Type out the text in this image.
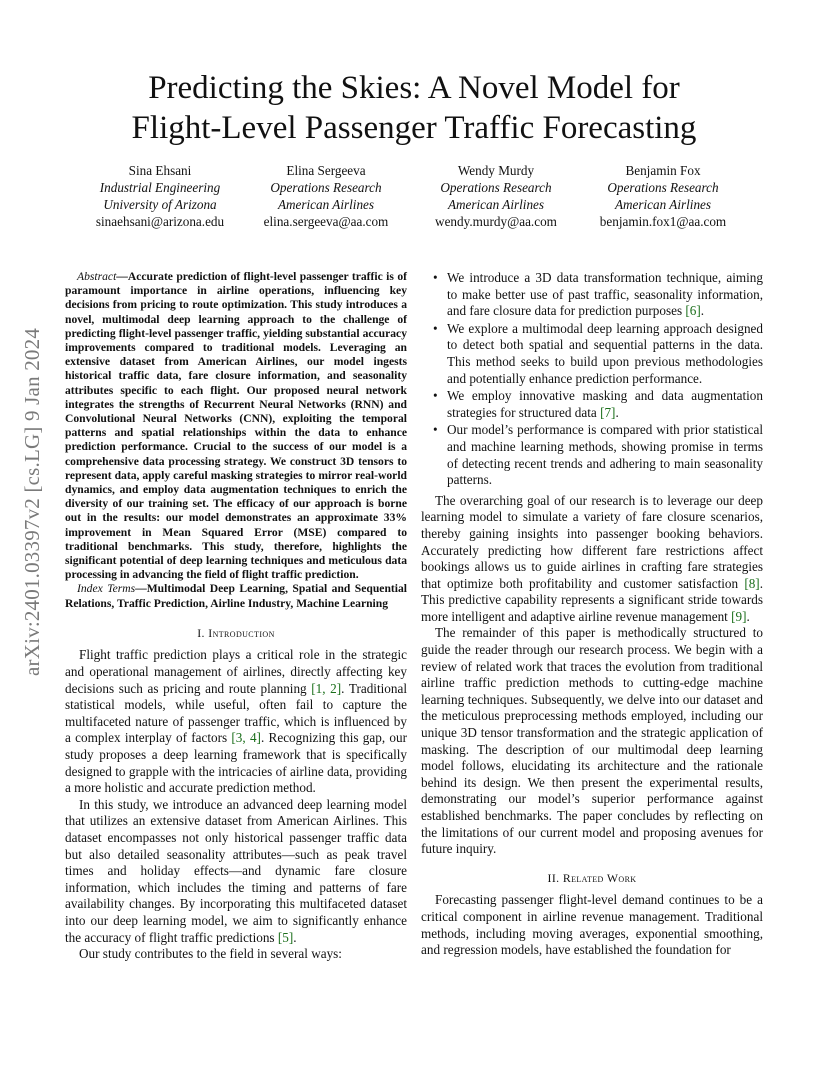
arXiv:2401.03397v2 [cs.LG] 9 Jan 2024
Predicting the Skies: A Novel Model for
Flight-Level Passenger Traffic Forecasting
Sina Ehsani
Industrial Engineering
University of Arizona
sinaehsani@arizona.edu
Elina Sergeeva
Operations Research
American Airlines
elina.sergeeva@aa.com
Wendy Murdy
Operations Research
American Airlines
wendy.murdy@aa.com
Benjamin Fox
Operations Research
American Airlines
benjamin.fox1@aa.com

Abstract—Accurate prediction of flight-level passenger traffic is of paramount importance in airline operations, influencing key decisions from pricing to route optimization. This study introduces a novel, multimodal deep learning approach to the challenge of predicting flight-level passenger traffic, yielding substantial accuracy improvements compared to traditional models. Leveraging an extensive dataset from American Airlines, our model ingests historical traffic data, fare closure information, and seasonality attributes specific to each flight. Our proposed neural network integrates the strengths of Recurrent Neural Networks (RNN) and Convolutional Neural Networks (CNN), exploiting the temporal patterns and spatial relationships within the data to enhance prediction performance. Crucial to the success of our model is a comprehensive data processing strategy. We construct 3D tensors to represent data, apply careful masking strategies to mirror real-world dynamics, and employ data augmentation techniques to enrich the diversity of our training set. The efficacy of our approach is borne out in the results: our model demonstrates an approximate 33% improvement in Mean Squared Error (MSE) compared to traditional benchmarks. This study, therefore, highlights the significant potential of deep learning techniques and meticulous data processing in advancing the field of flight traffic prediction.

Index Terms—Multimodal Deep Learning, Spatial and Sequential Relations, Traffic Prediction, Airline Industry, Machine Learning

I. Introduction

Flight traffic prediction plays a critical role in the strategic and operational management of airlines, directly affecting key decisions such as pricing and route planning [1, 2]. Traditional statistical models, while useful, often fail to capture the multifaceted nature of passenger traffic, which is influenced by a complex interplay of factors [3, 4]. Recognizing this gap, our study proposes a deep learning framework that is specifically designed to grapple with the intricacies of airline data, providing a more holistic and accurate prediction method.

In this study, we introduce an advanced deep learning model that utilizes an extensive dataset from American Airlines. This dataset encompasses not only historical passenger traffic data but also detailed seasonality attributes—such as peak travel times and holiday effects—and dynamic fare closure information, which includes the timing and patterns of fare availability changes. By incorporating this multifaceted dataset into our deep learning model, we aim to significantly enhance the accuracy of flight traffic predictions [5].

Our study contributes to the field in several ways:

• We introduce a 3D data transformation technique, aiming to make better use of past traffic, seasonality information, and fare closure data for prediction purposes [6].
• We explore a multimodal deep learning approach designed to detect both spatial and sequential patterns in the data. This method seeks to build upon previous methodologies and potentially enhance prediction performance.
• We employ innovative masking and data augmentation strategies for structured data [7].
• Our model’s performance is compared with prior statistical and machine learning methods, showing promise in terms of detecting recent trends and adhering to main seasonality patterns.

The overarching goal of our research is to leverage our deep learning model to simulate a variety of fare closure scenarios, thereby gaining insights into passenger booking behaviors. Accurately predicting how different fare restrictions affect bookings allows us to guide airlines in crafting fare strategies that optimize both profitability and customer satisfaction [8]. This predictive capability represents a significant stride towards more intelligent and adaptive airline revenue management [9].

The remainder of this paper is methodically structured to guide the reader through our research process. We begin with a review of related work that traces the evolution from traditional airline traffic prediction methods to cutting-edge machine learning techniques. Subsequently, we delve into our dataset and the meticulous preprocessing methods employed, including our unique 3D tensor transformation and the strategic application of masking. The description of our multimodal deep learning model follows, elucidating its architecture and the rationale behind its design. We then present the experimental results, demonstrating our model’s superior performance against established benchmarks. The paper concludes by reflecting on the limitations of our current model and proposing avenues for future inquiry.

II. Related Work

Forecasting passenger flight-level demand continues to be a critical component in airline revenue management. Traditional methods, including moving averages, exponential smoothing, and regression models, have established the foundation for
